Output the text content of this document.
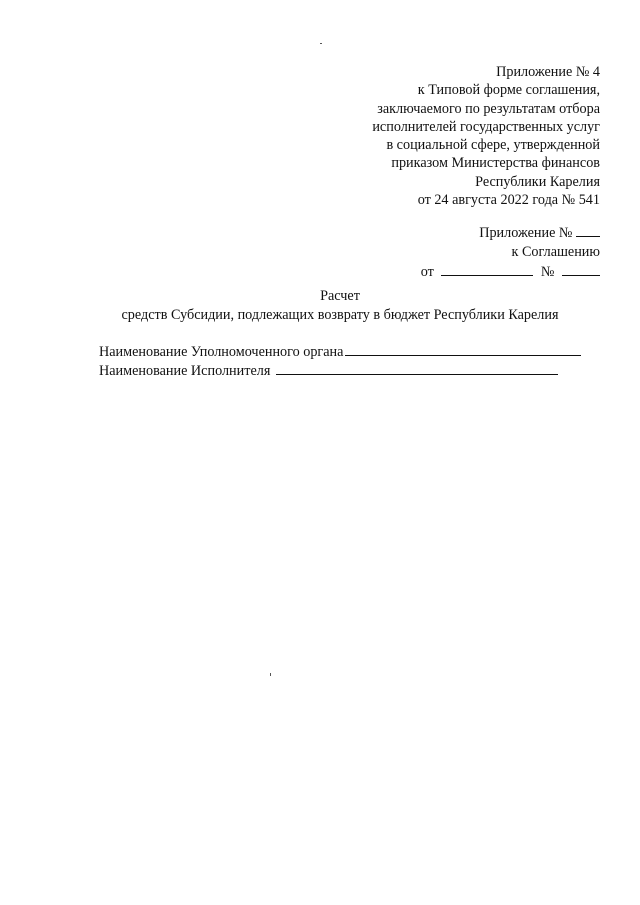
Приложение № 4
к Типовой форме соглашения,
заключаемого по результатам отбора
исполнителей государственных услуг
в социальной сфере, утвержденной
приказом Министерства финансов
Республики Карелия
от 24 августа 2022 года № 541
Приложение №
к Соглашению
от	№
Расчет
средств Субсидии, подлежащих возврату в бюджет Республики Карелия
Наименование Уполномоченного органа
Наименование Исполнителя
